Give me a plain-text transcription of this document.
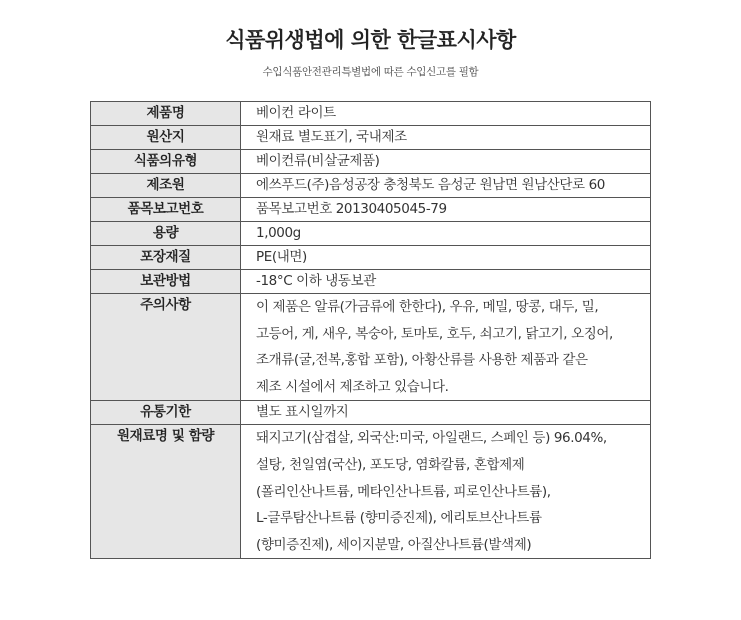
식품위생법에 의한 한글표시사항
수입식품안전관리특별법에 따른 수입신고를 필함
제품명	베이컨 라이트

원산지	원재료 별도표기, 국내제조

식품의유형	베이컨류(비살균제품)

제조원	에쓰푸드(주)음성공장 충청북도 음성군 원남면 원남산단로 60

품목보고번호	품목보고번호 20130405045-79

용량	1,000g

포장재질	PE(내면)

보관방법	-18°C 이하 냉동보관

주의사항	이 제품은 알류(가금류에 한한다), 우유, 메밀, 땅콩, 대두, 밀,
고등어, 게, 새우, 복숭아, 토마토, 호두, 쇠고기, 닭고기, 오징어,
조개류(굴,전복,홍합 포함), 아황산류를 사용한 제품과 같은
제조 시설에서 제조하고 있습니다.

유통기한	별도 표시일까지

원재료명 및 함량	돼지고기(삼겹살, 외국산:미국, 아일랜드, 스페인 등) 96.04%,
설탕, 천일염(국산), 포도당, 염화칼륨, 혼합제제
(폴리인산나트륨, 메타인산나트륨, 피로인산나트륨),
L-글루탐산나트륨 (향미증진제), 에리토브산나트륨
(향미증진제), 세이지분말, 아질산나트륨(발색제)
